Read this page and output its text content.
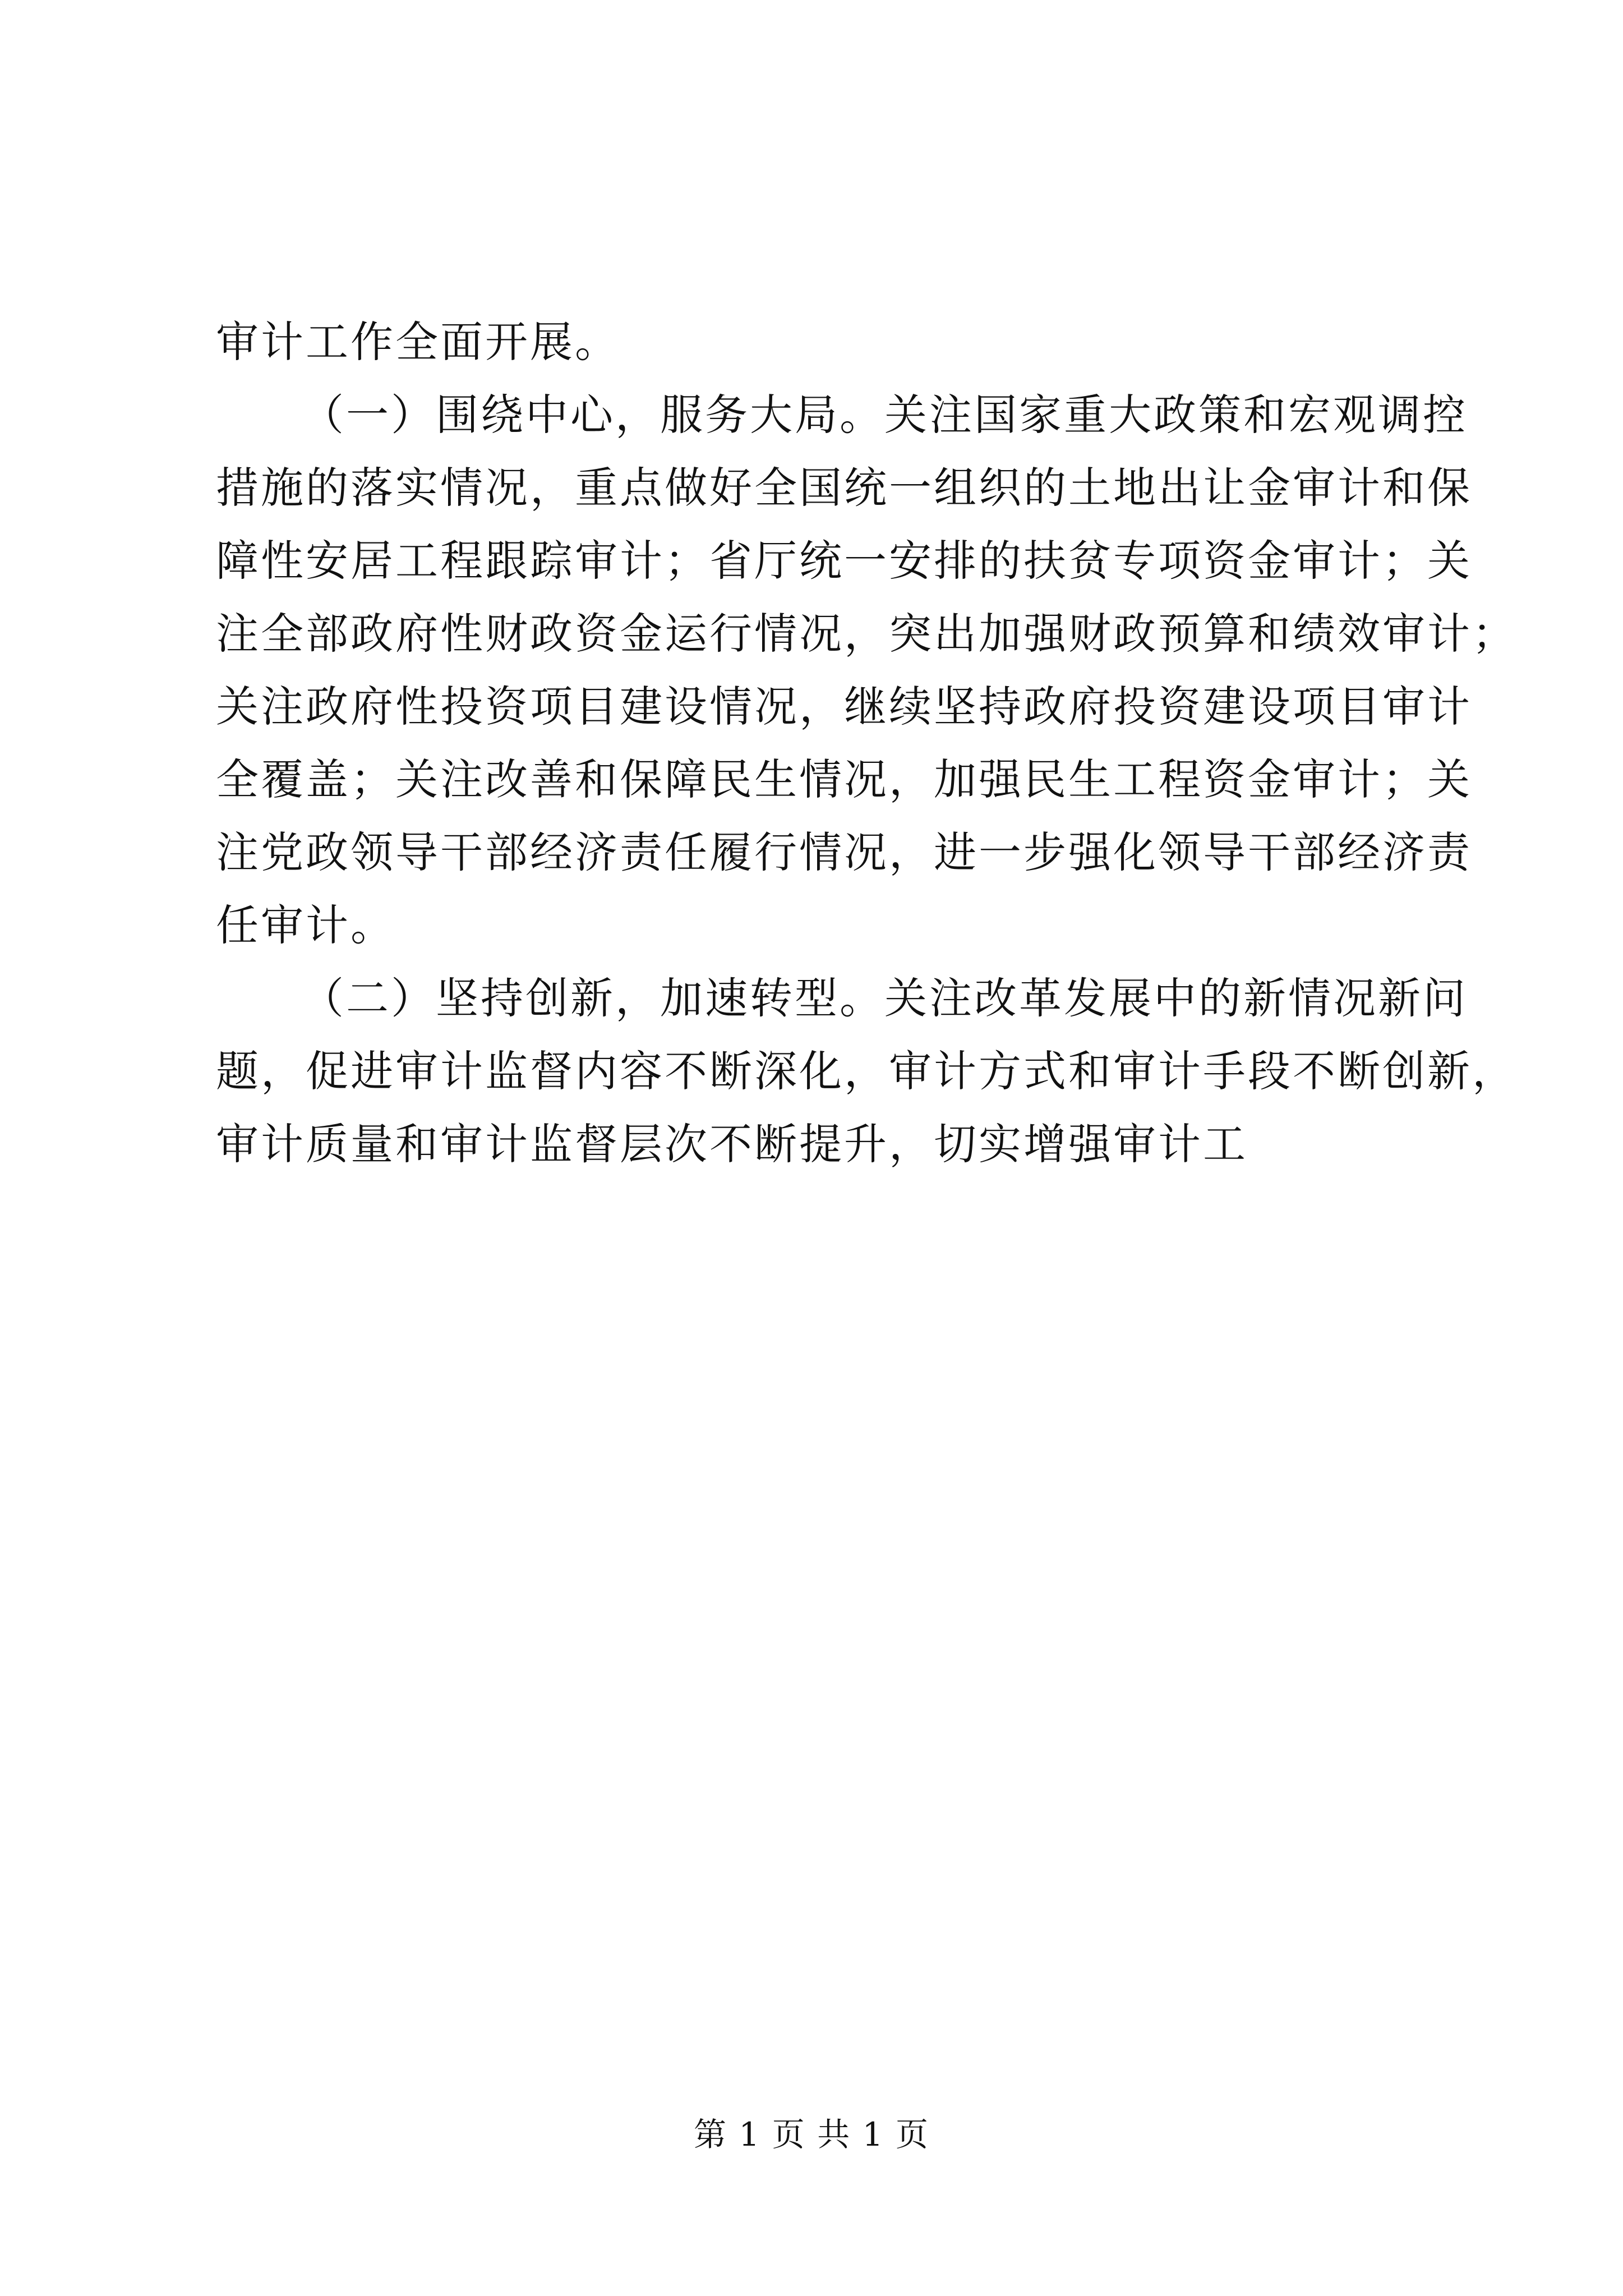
审计工作全面开展。
（一）围绕中心，服务大局。关注国家重大政策和宏观调控
措施的落实情况，重点做好全国统一组织的土地出让金审计和保
障性安居工程跟踪审计；省厅统一安排的扶贫专项资金审计；关
注全部政府性财政资金运行情况，突出加强财政预算和绩效审计；
关注政府性投资项目建设情况，继续坚持政府投资建设项目审计
全覆盖；关注改善和保障民生情况，加强民生工程资金审计；关
注党政领导干部经济责任履行情况，进一步强化领导干部经济责
任审计。
（二）坚持创新，加速转型。关注改革发展中的新情况新问
题，促进审计监督内容不断深化，审计方式和审计手段不断创新，
审计质量和审计监督层次不断提升，切实增强审计工
第 1 页 共 1 页
